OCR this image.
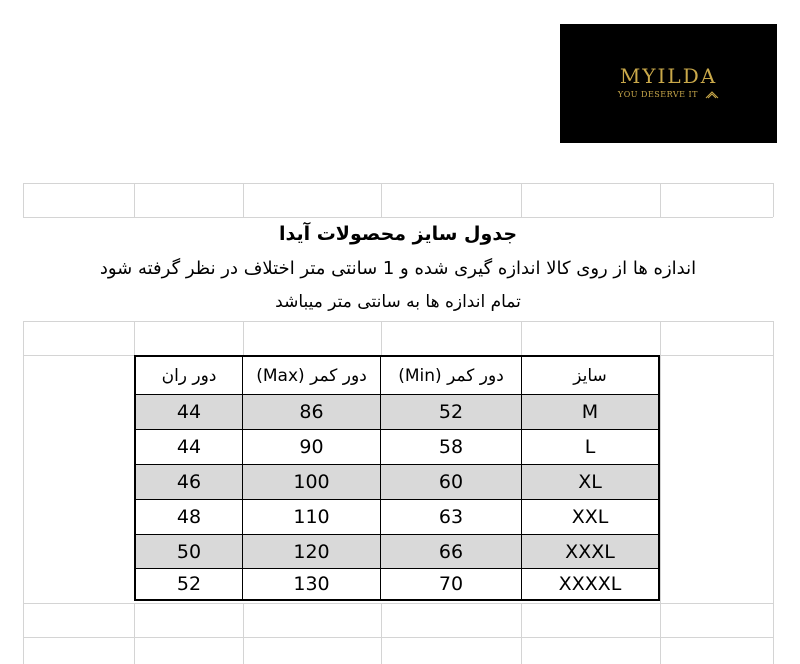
جدول سایز محصولات آیدا
اندازه ها از روی کالا اندازه گیری شده و 1 سانتی متر اختلاف در نظر گرفته شود
تمام اندازه ها به سانتی متر میباشد
MYILDA
YOU DESERVE IT
سایز
دور کمر (Min)
دور کمر (Max)
دور ران
M
52
86
44
L
58
90
44
XL
60
100
46
XXL
63
110
48
XXXL
66
120
50
XXXXL
70
130
52
